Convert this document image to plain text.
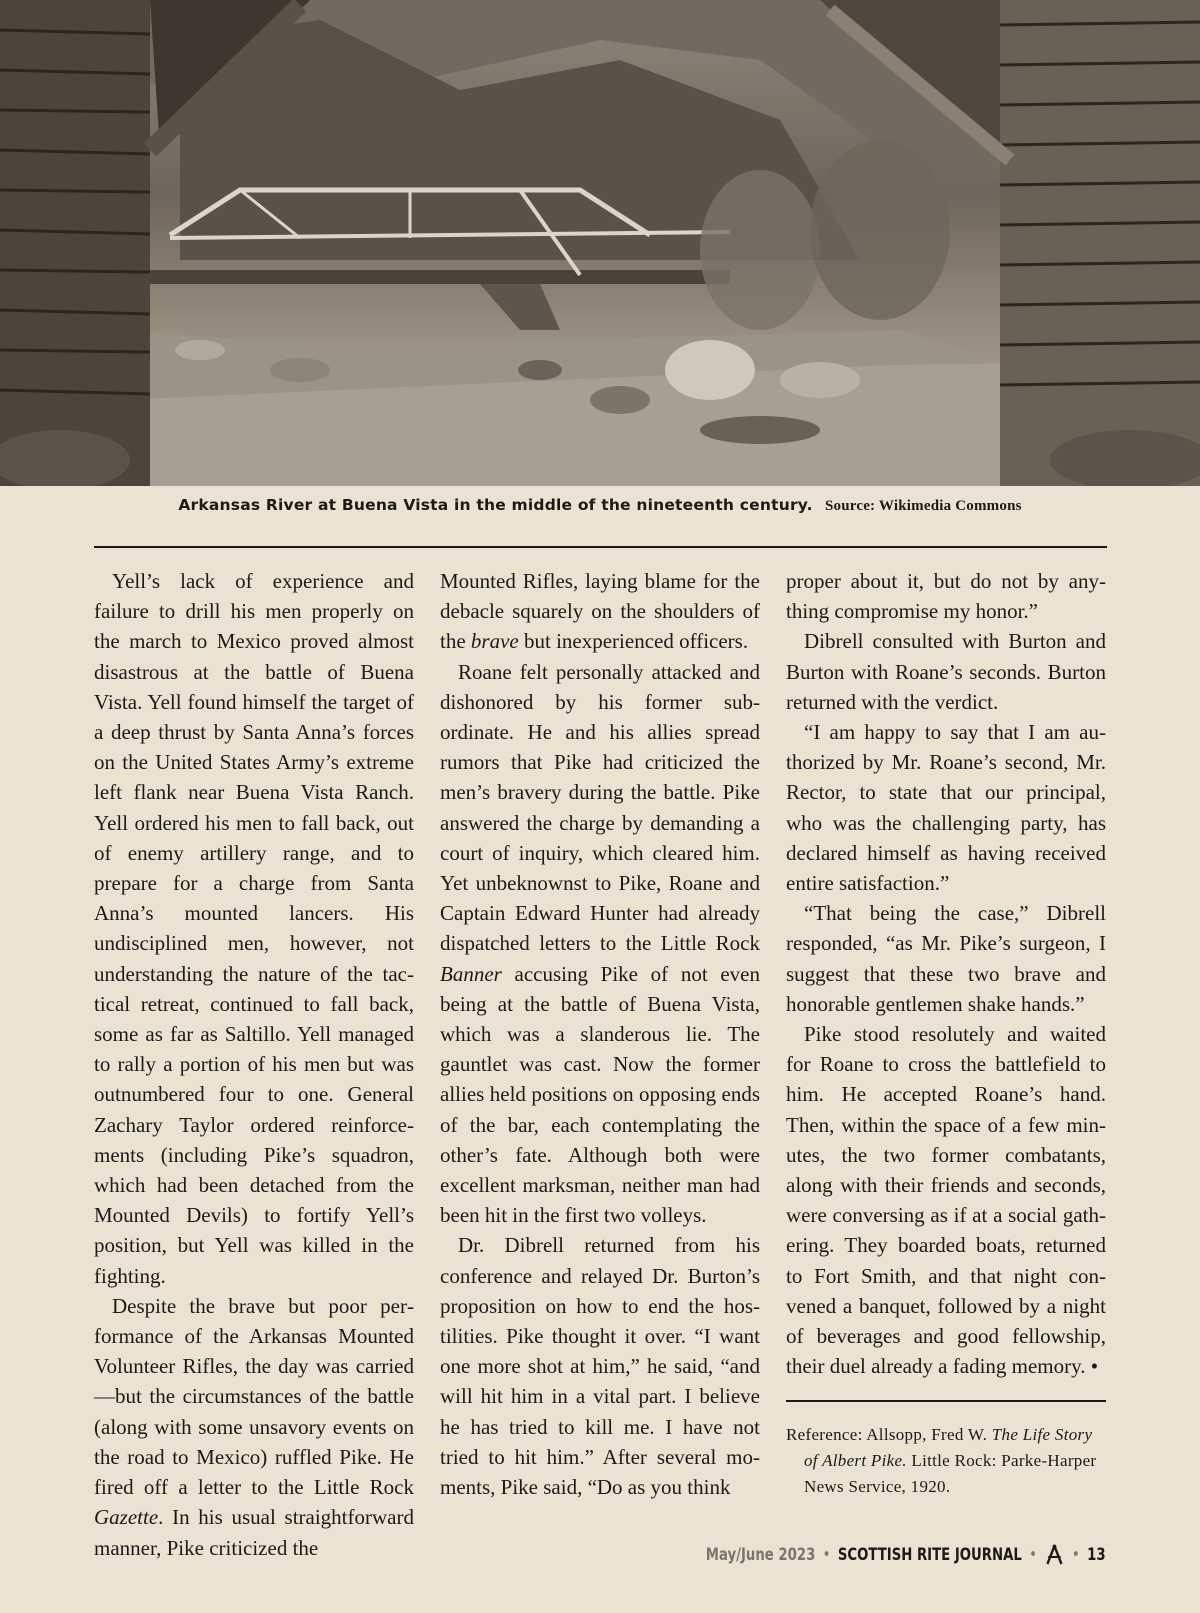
Arkansas River at Buena Vista in the middle of the nineteenth century. Source: Wikimedia Commons

Yell’s lack of experience and failure to drill his men properly on the march to Mexico proved almost disastrous at the battle of Buena Vista. Yell found himself the target of a deep thrust by Santa Anna’s forces on the United States Army’s extreme left flank near Buena Vista Ranch. Yell ordered his men to fall back, out of enemy artillery range, and to prepare for a charge from Santa Anna’s mounted lancers. His undisciplined men, however, not understanding the nature of the tactical retreat, continued to fall back, some as far as Saltillo. Yell managed to rally a portion of his men but was outnumbered four to one. General Zachary Taylor ordered reinforcements (including Pike’s squadron, which had been detached from the Mounted Devils) to fortify Yell’s position, but Yell was killed in the fighting.

Despite the brave but poor performance of the Arkansas Mounted Volunteer Rifles, the day was carried—but the circumstances of the battle (along with some unsavory events on the road to Mexico) ruffled Pike. He fired off a letter to the Little Rock Gazette. In his usual straightforward manner, Pike criticized the

Mounted Rifles, laying blame for the debacle squarely on the shoulders of the brave but inexperienced officers.

Roane felt personally attacked and dishonored by his former subordinate. He and his allies spread rumors that Pike had criticized the men’s bravery during the battle. Pike answered the charge by demanding a court of inquiry, which cleared him. Yet unbeknownst to Pike, Roane and Captain Edward Hunter had already dispatched letters to the Little Rock Banner accusing Pike of not even being at the battle of Buena Vista, which was a slanderous lie. The gauntlet was cast. Now the former allies held positions on opposing ends of the bar, each contemplating the other’s fate. Although both were excellent marksman, neither man had been hit in the first two volleys.

Dr. Dibrell returned from his conference and relayed Dr. Burton’s proposition on how to end the hostilities. Pike thought it over. “I want one more shot at him,” he said, “and will hit him in a vital part. I believe he has tried to kill me. I have not tried to hit him.” After several moments, Pike said, “Do as you think

proper about it, but do not by anything compromise my honor.”

Dibrell consulted with Burton and Burton with Roane’s seconds. Burton returned with the verdict.

“I am happy to say that I am authorized by Mr. Roane’s second, Mr. Rector, to state that our principal, who was the challenging party, has declared himself as having received entire satisfaction.”

“That being the case,” Dibrell responded, “as Mr. Pike’s surgeon, I suggest that these two brave and honorable gentlemen shake hands.”

Pike stood resolutely and waited for Roane to cross the battlefield to him. He accepted Roane’s hand. Then, within the space of a few minutes, the two former combatants, along with their friends and seconds, were conversing as if at a social gathering. They boarded boats, returned to Fort Smith, and that night convened a banquet, followed by a night of beverages and good fellowship, their duel already a fading memory. •

Reference: Allsopp, Fred W. The Life Story of Albert Pike. Little Rock: Parke-Harper News Service, 1920.
May/June 2023 • SCOTTISH RITE JOURNAL • • 13
